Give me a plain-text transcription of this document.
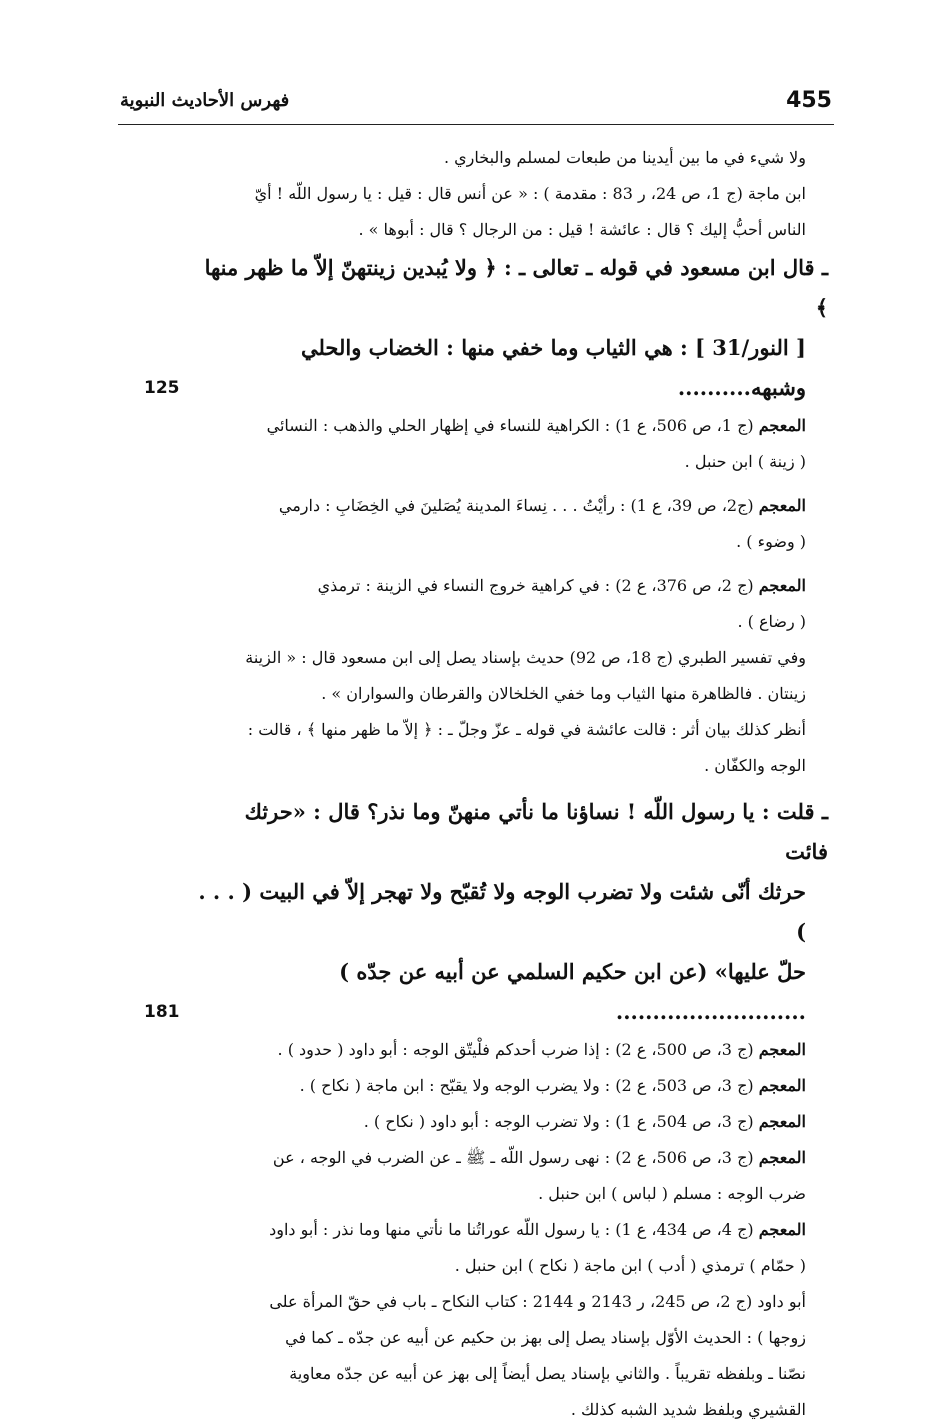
455
فهرس الأحاديث النبوية

ولا شيء في ما بين أيدينا من طبعات لمسلم والبخاري .

ابن ماجة (ج 1، ص 24، ر 83 : مقدمة ) : « عن أنس قال : قيل : يا رسول اللّه ! أيّ

الناس أحبُّ إليك ؟ قال : عائشة ! قيل : من الرجال ؟ قال : أبوها » .

ـ قال ابن مسعود في قوله ـ تعالى ـ : ﴿ ولا يُبدين زينتهنّ إلاّ ما ظهر منها ﴾

[ النور/31 ] : هي الثياب وما خفي منها : الخضاب والحلي وشبهه..........
125

المعجم (ج 1، ص 506، ع 1) : الكراهية للنساء في إظهار الحلي والذهب : النسائي

( زينة ) ابن حنبل .

المعجم (ج2، ص 39، ع 1) : رأيْتُ . . . نِساءَ المدينة يُصَلينَ في الخِضَابِ : دارمي

( وضوء ) .

المعجم (ج 2، ص 376، ع 2) : في كراهية خروج النساء في الزينة : ترمذي

( رضاع ) .

وفي تفسير الطبري (ج 18، ص 92) حديث بإسناد يصل إلى ابن مسعود قال : « الزينة

زينتان . فالظاهرة منها الثياب وما خفي الخلخالان والقرطان والسواران » .

أنظر كذلك بيان أثر : قالت عائشة في قوله ـ عزّ وجلّ ـ : ﴿ إلاّ ما ظهر منها ﴾ ، قالت :

الوجه والكفّان .

ـ قلت : يا رسول اللّه ! نساؤنا ما نأتي منهنّ وما نذر؟ قال : «حرثك فائت

حرثك أنّى شئت ولا تضرب الوجه ولا تُقبّح ولا تهجر إلاّ في البيت ( . . . )

حلّ عليها» (عن ابن حكيم السلمي عن أبيه عن جدّه ) ..........................
181

المعجم (ج 3، ص 500، ع 2) : إذا ضرب أحدكم فلْيتّق الوجه : أبو داود ( حدود ) .

المعجم (ج 3، ص 503، ع 2) : ولا يضرب الوجه ولا يقبّح : ابن ماجة ( نكاح ) .

المعجم (ج 3، ص 504، ع 1) : ولا تضرب الوجه : أبو داود ( نكاح ) .

المعجم (ج 3، ص 506، ع 2) : نهى رسول اللّه ـ ﷺ ـ عن الضرب في الوجه ، عن

ضرب الوجه : مسلم ( لباس ) ابن حنبل .

المعجم (ج 4، ص 434، ع 1) : يا رسول اللّه عوراتُنا ما نأتي منها وما نذر : أبو داود

( حمّام ) ترمذي ( أدب ) ابن ماجة ( نكاح ) ابن حنبل .

أبو داود (ج 2، ص 245، ر 2143 و 2144 : كتاب النكاح ـ باب في حقّ المرأة على

زوجها ) : الحديث الأوّل بإسناد يصل إلى بهز بن حكيم عن أبيه عن جدّه ـ كما في

نصّنا ـ وبلفظه تقريباً . والثاني بإسناد يصل أيضاً إلى بهز عن أبيه عن جدّه معاوية

القشيري وبلفظ شديد الشبه كذلك .
